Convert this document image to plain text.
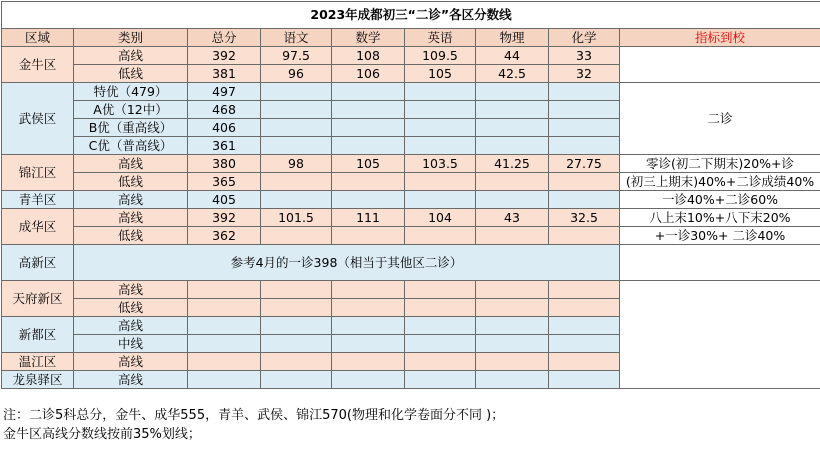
2023年成都初三“二诊”各区分数线								
区域	类别	总分	语文	数学	英语	物理	化学	指标到校
金牛区	高线	392	97.5	108	109.5	44	33	
	低线	381	96	106	105	42.5	32	
武侯区	特优（479）	497						二诊
	A优（12中）	468						
	B优（重高线）	406						
	C优（普高线）	361						
锦江区	高线	380	98	105	103.5	41.25	27.75	零诊(初二下期末)20%+诊
	低线	365						(初三上期末)40%+二诊成绩40%
青羊区	高线	405						一诊40%+二诊60%
成华区	高线	392	101.5	111	104	43	32.5	八上末10%+八下末20%
	低线	362						+一诊30%+ 二诊40%
高新区	参考4月的一诊398（相当于其他区二诊）							
天府新区	高线							
	低线							
新都区	高线							
	中线							
温江区	高线							
龙泉驿区	高线							
注：二诊5科总分，金牛、成华555，青羊、武侯、锦江570(物理和化学卷面分不同 )；
金牛区高线分数线按前35%划线；
